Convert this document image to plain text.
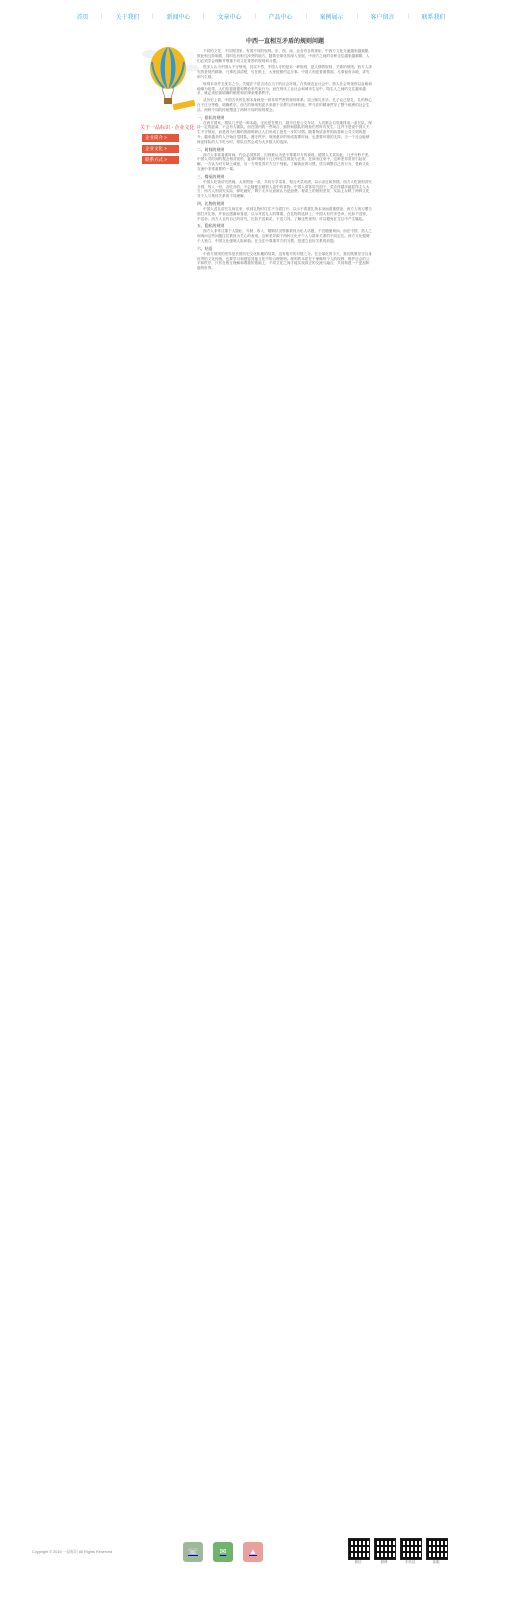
首页	关于我们	新闻中心	文章中心	产品中心	案例展示	客户留言	联系我们
关于一品标识 · 企业文化
企业简介 >
企业文化 >
联系方式 >
中西一直相互矛盾的规则问题

不同的文化、不同的国家，有着不同的规则。东、西、南、北各有各的规矩，中西方文化交流越来越频繁，彼此相互影响着，同时也有相互冲突的地方。随着全球化的深入发展，中西方之间的各种交往越来越频繁，人们必须学会理解并尊重不同文化背景的规则和习惯。

很多人认为中国人不守规则，其实不然，中国人守的是另一种规则，是人情的规则、关系的规则。西方人讲究的是契约精神，凡事先讲清楚，写在纸上，大家按照约定办事。中国人则更看重情面，凡事留有余地，讲究和气生财。

规则本身并无优劣之分，关键在于是否适合当下的社会环境。在传统农业社会中，熟人社会的规则以血缘和地缘为纽带，人们依靠道德和舆论来约束行为；而在现代工业社会和城市生活中，陌生人之间的交往越来越多，就必须依靠明确的制度和法律来维系秩序。

从历史上看，中国古代的礼制本身就是一套非常严密的规则体系。周公制礼作乐，孔子克己复礼，礼的核心在于区分等级、明确秩序。西方的规则则更多来源于宗教与法律传统，罗马法的精神贯穿了整个欧洲的社会生活。两种不同的传统塑造了两种不同的规则观念。

一、排队的规则

在西方国家，排队几乎是一种本能。无论是在银行、超市还是公交车站，人们都会自觉地排成一条长队，保持一定的距离，不会有人插队。而在国内的一些场合，拥挤和插队的现象仍然时有发生。这并不是说中国人天生不守规矩，而是因为长期的资源短缺让人们形成了抢先一步的习惯。随着物质条件的改善和公共文明的提升，越来越多的人开始自觉排队，遵守秩序。规则意识的形成需要时间，也需要环境的支持。当一个社会能够保证排队的人不吃亏时，排队自然会成为大多数人的选择。

二、时间的规则

西方人非常看重时间，约会必须准时，迟到被认为是不尊重对方的表现。德国人尤其如此，几乎分秒不差。中国人对时间的观念相对宽松，宴请时晚到十几分钟往往被视为正常。在商务往来中，这种差异常常引起误解。一方认为对方缺乏诚意，另一方则觉得对方过于刻板。了解彼此的习惯，适当调整自己的行为，是跨文化交流中非常重要的一课。

三、餐桌的规则

中国人吃饭讲究热闹，大家围坐一桌，共同分享菜肴，相互夹菜劝酒，以示亲近和热情。西方人吃饭则讲究分餐，每人一份，各吃各的，不会随便去碰别人盘中的食物。中国人请客讲究面子，菜点得越多越显得主人大方；西方人则讲究实际，够吃就好，剩下太多反而被认为是浪费。餐桌上的规则差异，实际上反映了两种文化对个人与集体关系的不同理解。

四、礼物的规则

中国人送礼讲究礼尚往来，收到礼物时往往不当面打开，以示不看重礼物本身而看重情谊；西方人则习惯当面打开礼物，并表达感谢和喜爱，以示对送礼人的尊重。在礼物的选择上，中国人有许多忌讳，比如不送钟、不送伞；西方人也有自己的讲究，比如不送菊花、不送刀具。了解这些规则，可以避免在交往中产生尴尬。

五、隐私的规则

西方人非常注重个人隐私，年龄、收入、婚姻状况等都被视为私人话题，不宜随便询问。而在中国，熟人之间询问这些问题往往被视为关心的表现。这种差异源于两种文化中个人与群体关系的不同定位。西方文化强调个人独立，中国文化强调人际和谐。在交往中尊重对方的习惯，是建立良好关系的前提。

六、结语

中西方规则的差异是长期历史文化积累的结果，没有绝对的对错之分。在全球化的今天，我们既要坚守自身优秀的文化传统，也要学习和借鉴其他文化中的合理规则。规则的本质在于保障每个人的权利，维护社会的公平和秩序。只有在相互理解和尊重的基础上，不同文化之间才能实现真正的交流与融合，共同构建一个更加和谐的世界。

Copyright © 2016 一品标识 All Rights Reserved	☏	✉	▲
微信	微博	手机站	客服
